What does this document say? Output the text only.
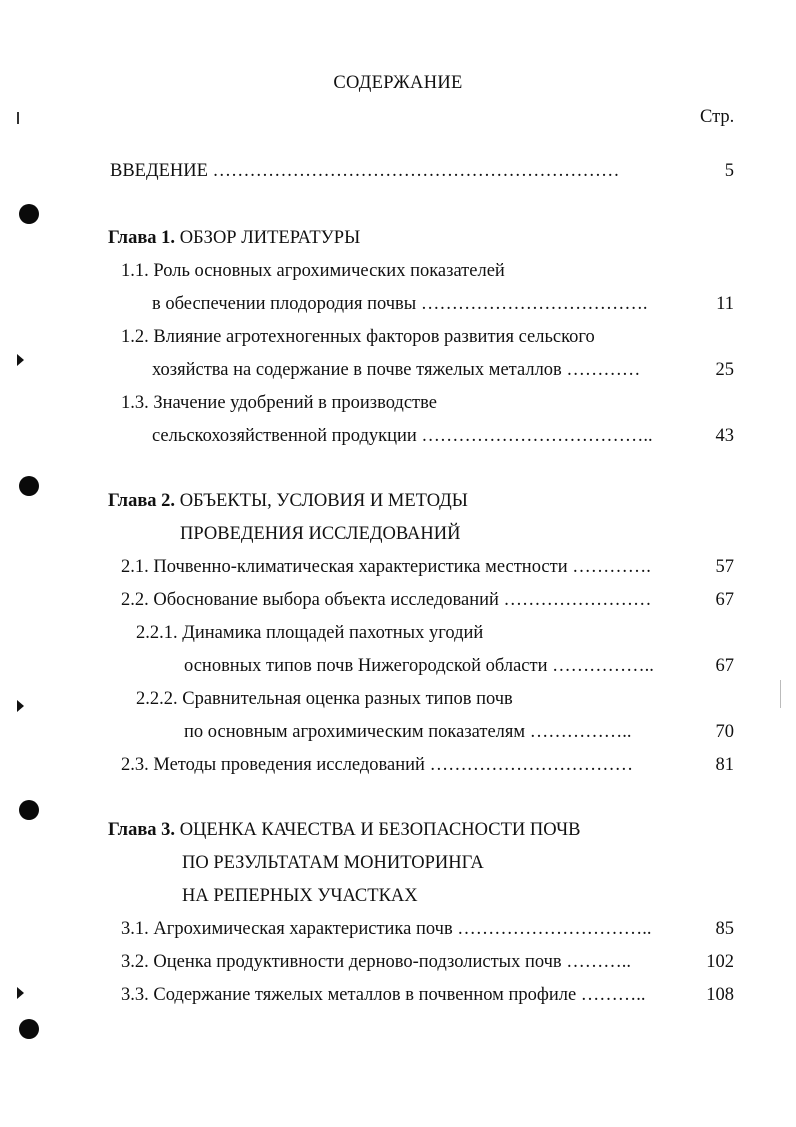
СОДЕРЖАНИЕ
Стр.
ВВЕДЕНИЕ …………………………………………………………	5
Глава 1. ОБЗОР ЛИТЕРАТУРЫ
1.1. Роль основных агрохимических показателей
в обеспечении плодородия почвы ……………………………….	11
1.2. Влияние агротехногенных факторов развития сельского
хозяйства на содержание в почве тяжелых металлов …………	25
1.3. Значение удобрений в производстве
сельскохозяйственной продукции ………………………………..	43
Глава 2. ОБЪЕКТЫ, УСЛОВИЯ И МЕТОДЫ
ПРОВЕДЕНИЯ ИССЛЕДОВАНИЙ
2.1. Почвенно-климатическая характеристика местности ………….	57
2.2. Обоснование выбора объекта исследований ……………………	67
2.2.1. Динамика площадей пахотных угодий
основных типов почв Нижегородской области ……………..	67
2.2.2. Сравнительная оценка разных типов почв
по основным агрохимическим показателям ……………..	70
2.3. Методы проведения исследований ……………………………	81
Глава 3. ОЦЕНКА КАЧЕСТВА И БЕЗОПАСНОСТИ ПОЧВ
ПО РЕЗУЛЬТАТАМ МОНИТОРИНГА
НА РЕПЕРНЫХ УЧАСТКАХ
3.1. Агрохимическая характеристика почв …………………………..	85
3.2. Оценка продуктивности дерново-подзолистых почв ………..	102
3.3. Содержание тяжелых металлов в почвенном профиле ………..	108
